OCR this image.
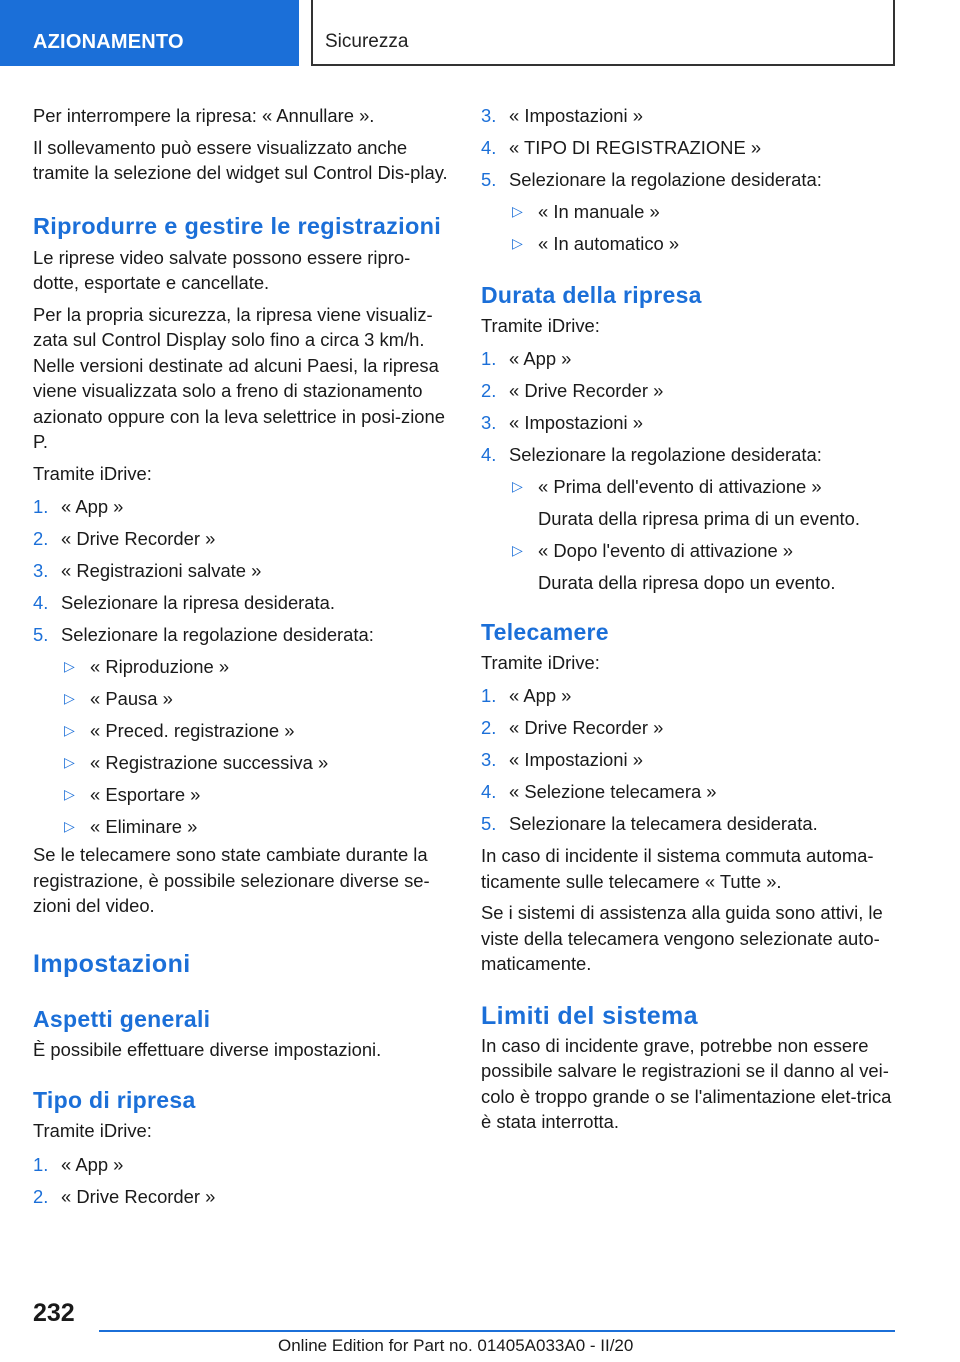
AZIONAMENTO	Sicurezza

Per interrompere la ripresa: « Annullare ».

Il sollevamento può essere visualizzato anche tramite la selezione del widget sul Control Dis-play.

Riprodurre e gestire le registrazioni

Le riprese video salvate possono essere ripro-dotte, esportate e cancellate.

Per la propria sicurezza, la ripresa viene visualiz-zata sul Control Display solo fino a circa 3 km/h. Nelle versioni destinate ad alcuni Paesi, la ripresa viene visualizzata solo a freno di stazionamento azionato oppure con la leva selettrice in posi-zione P.

Tramite iDrive:

1. « App »
2. « Drive Recorder »
3. « Registrazioni salvate »
4. Selezionare la ripresa desiderata.
5. Selezionare la regolazione desiderata:
▷ « Riproduzione »
▷ « Pausa »
▷ « Preced. registrazione »
▷ « Registrazione successiva »
▷ « Esportare »
▷ « Eliminare »

Se le telecamere sono state cambiate durante la registrazione, è possibile selezionare diverse se-zioni del video.

Impostazioni
Aspetti generali

È possibile effettuare diverse impostazioni.

Tipo di ripresa

Tramite iDrive:

1. « App »
2. « Drive Recorder »
3. « Impostazioni »
4. « TIPO DI REGISTRAZIONE »
5. Selezionare la regolazione desiderata:
▷ « In manuale »
▷ « In automatico »
Durata della ripresa

Tramite iDrive:

1. « App »
2. « Drive Recorder »
3. « Impostazioni »
4. Selezionare la regolazione desiderata:
▷ « Prima dell'evento di attivazione »
Durata della ripresa prima di un evento.
▷ « Dopo l'evento di attivazione »
Durata della ripresa dopo un evento.
Telecamere

Tramite iDrive:

1. « App »
2. « Drive Recorder »
3. « Impostazioni »
4. « Selezione telecamera »
5. Selezionare la telecamera desiderata.

In caso di incidente il sistema commuta automa-ticamente sulle telecamere « Tutte ».

Se i sistemi di assistenza alla guida sono attivi, le viste della telecamera vengono selezionate auto-maticamente.

Limiti del sistema

In caso di incidente grave, potrebbe non essere possibile salvare le registrazioni se il danno al vei-colo è troppo grande o se l'alimentazione elet-trica è stata interrotta.

232
Online Edition for Part no. 01405A033A0 - II/20
